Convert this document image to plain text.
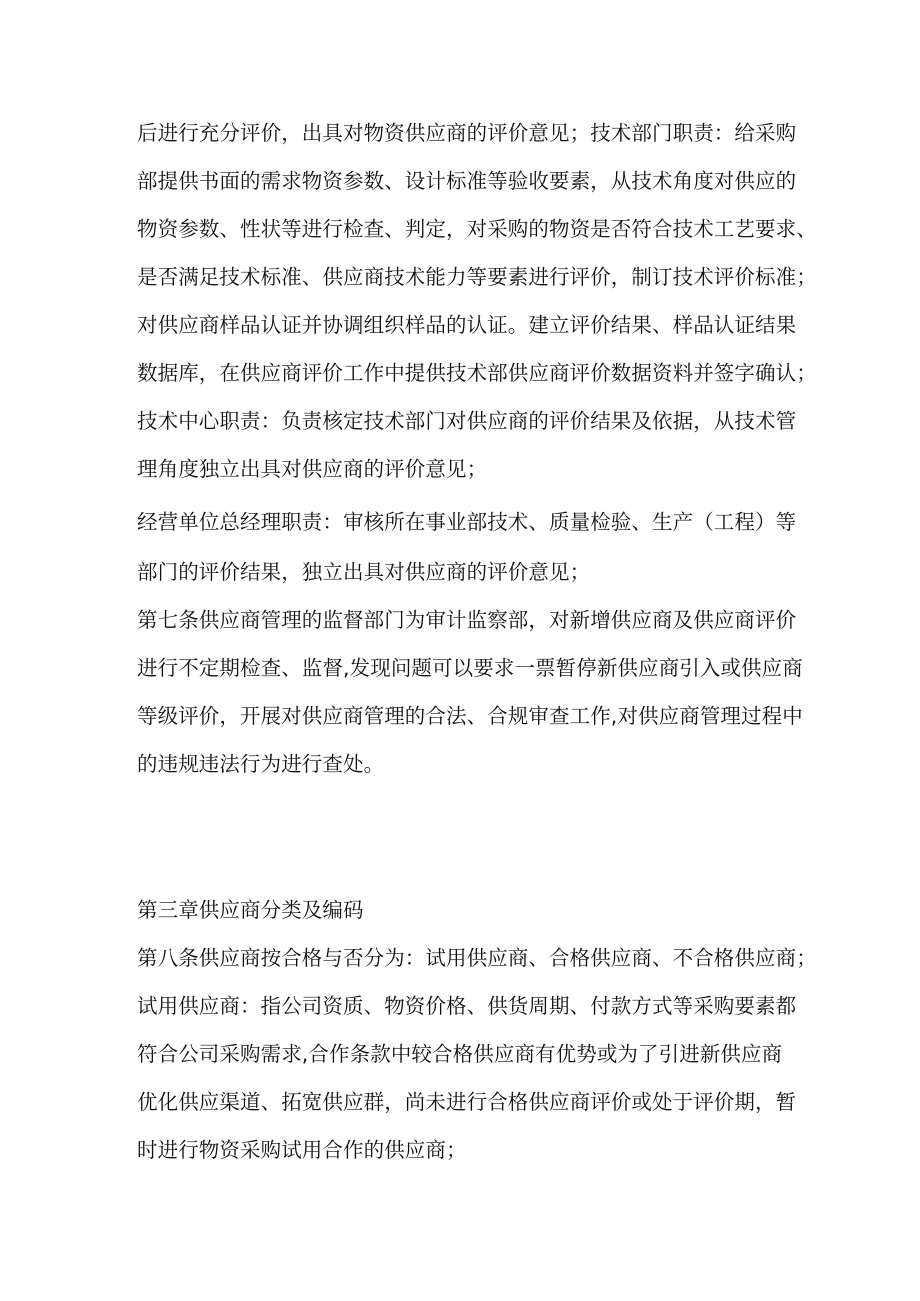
后进行充分评价，出具对物资供应商的评价意见；技术部门职责：给采购

部提供书面的需求物资参数、设计标准等验收要素，从技术角度对供应的

物资参数、性状等进行检查、判定，对采购的物资是否符合技术工艺要求、

是否满足技术标准、供应商技术能力等要素进行评价，制订技术评价标准；

对供应商样品认证并协调组织样品的认证。建立评价结果、样品认证结果

数据库，在供应商评价工作中提供技术部供应商评价数据资料并签字确认；

技术中心职责：负责核定技术部门对供应商的评价结果及依据，从技术管

理角度独立出具对供应商的评价意见；

经营单位总经理职责：审核所在事业部技术、质量检验、生产（工程）等

部门的评价结果，独立出具对供应商的评价意见；

第七条供应商管理的监督部门为审计监察部，对新增供应商及供应商评价

进行不定期检查、监督,发现问题可以要求一票暂停新供应商引入或供应商

等级评价，开展对供应商管理的合法、合规审查工作,对供应商管理过程中

的违规违法行为进行查处。

第三章供应商分类及编码

第八条供应商按合格与否分为：试用供应商、合格供应商、不合格供应商；

试用供应商：指公司资质、物资价格、供货周期、付款方式等采购要素都

符合公司采购需求,合作条款中较合格供应商有优势或为了引进新供应商

优化供应渠道、拓宽供应群，尚未进行合格供应商评价或处于评价期，暂

时进行物资采购试用合作的供应商；
